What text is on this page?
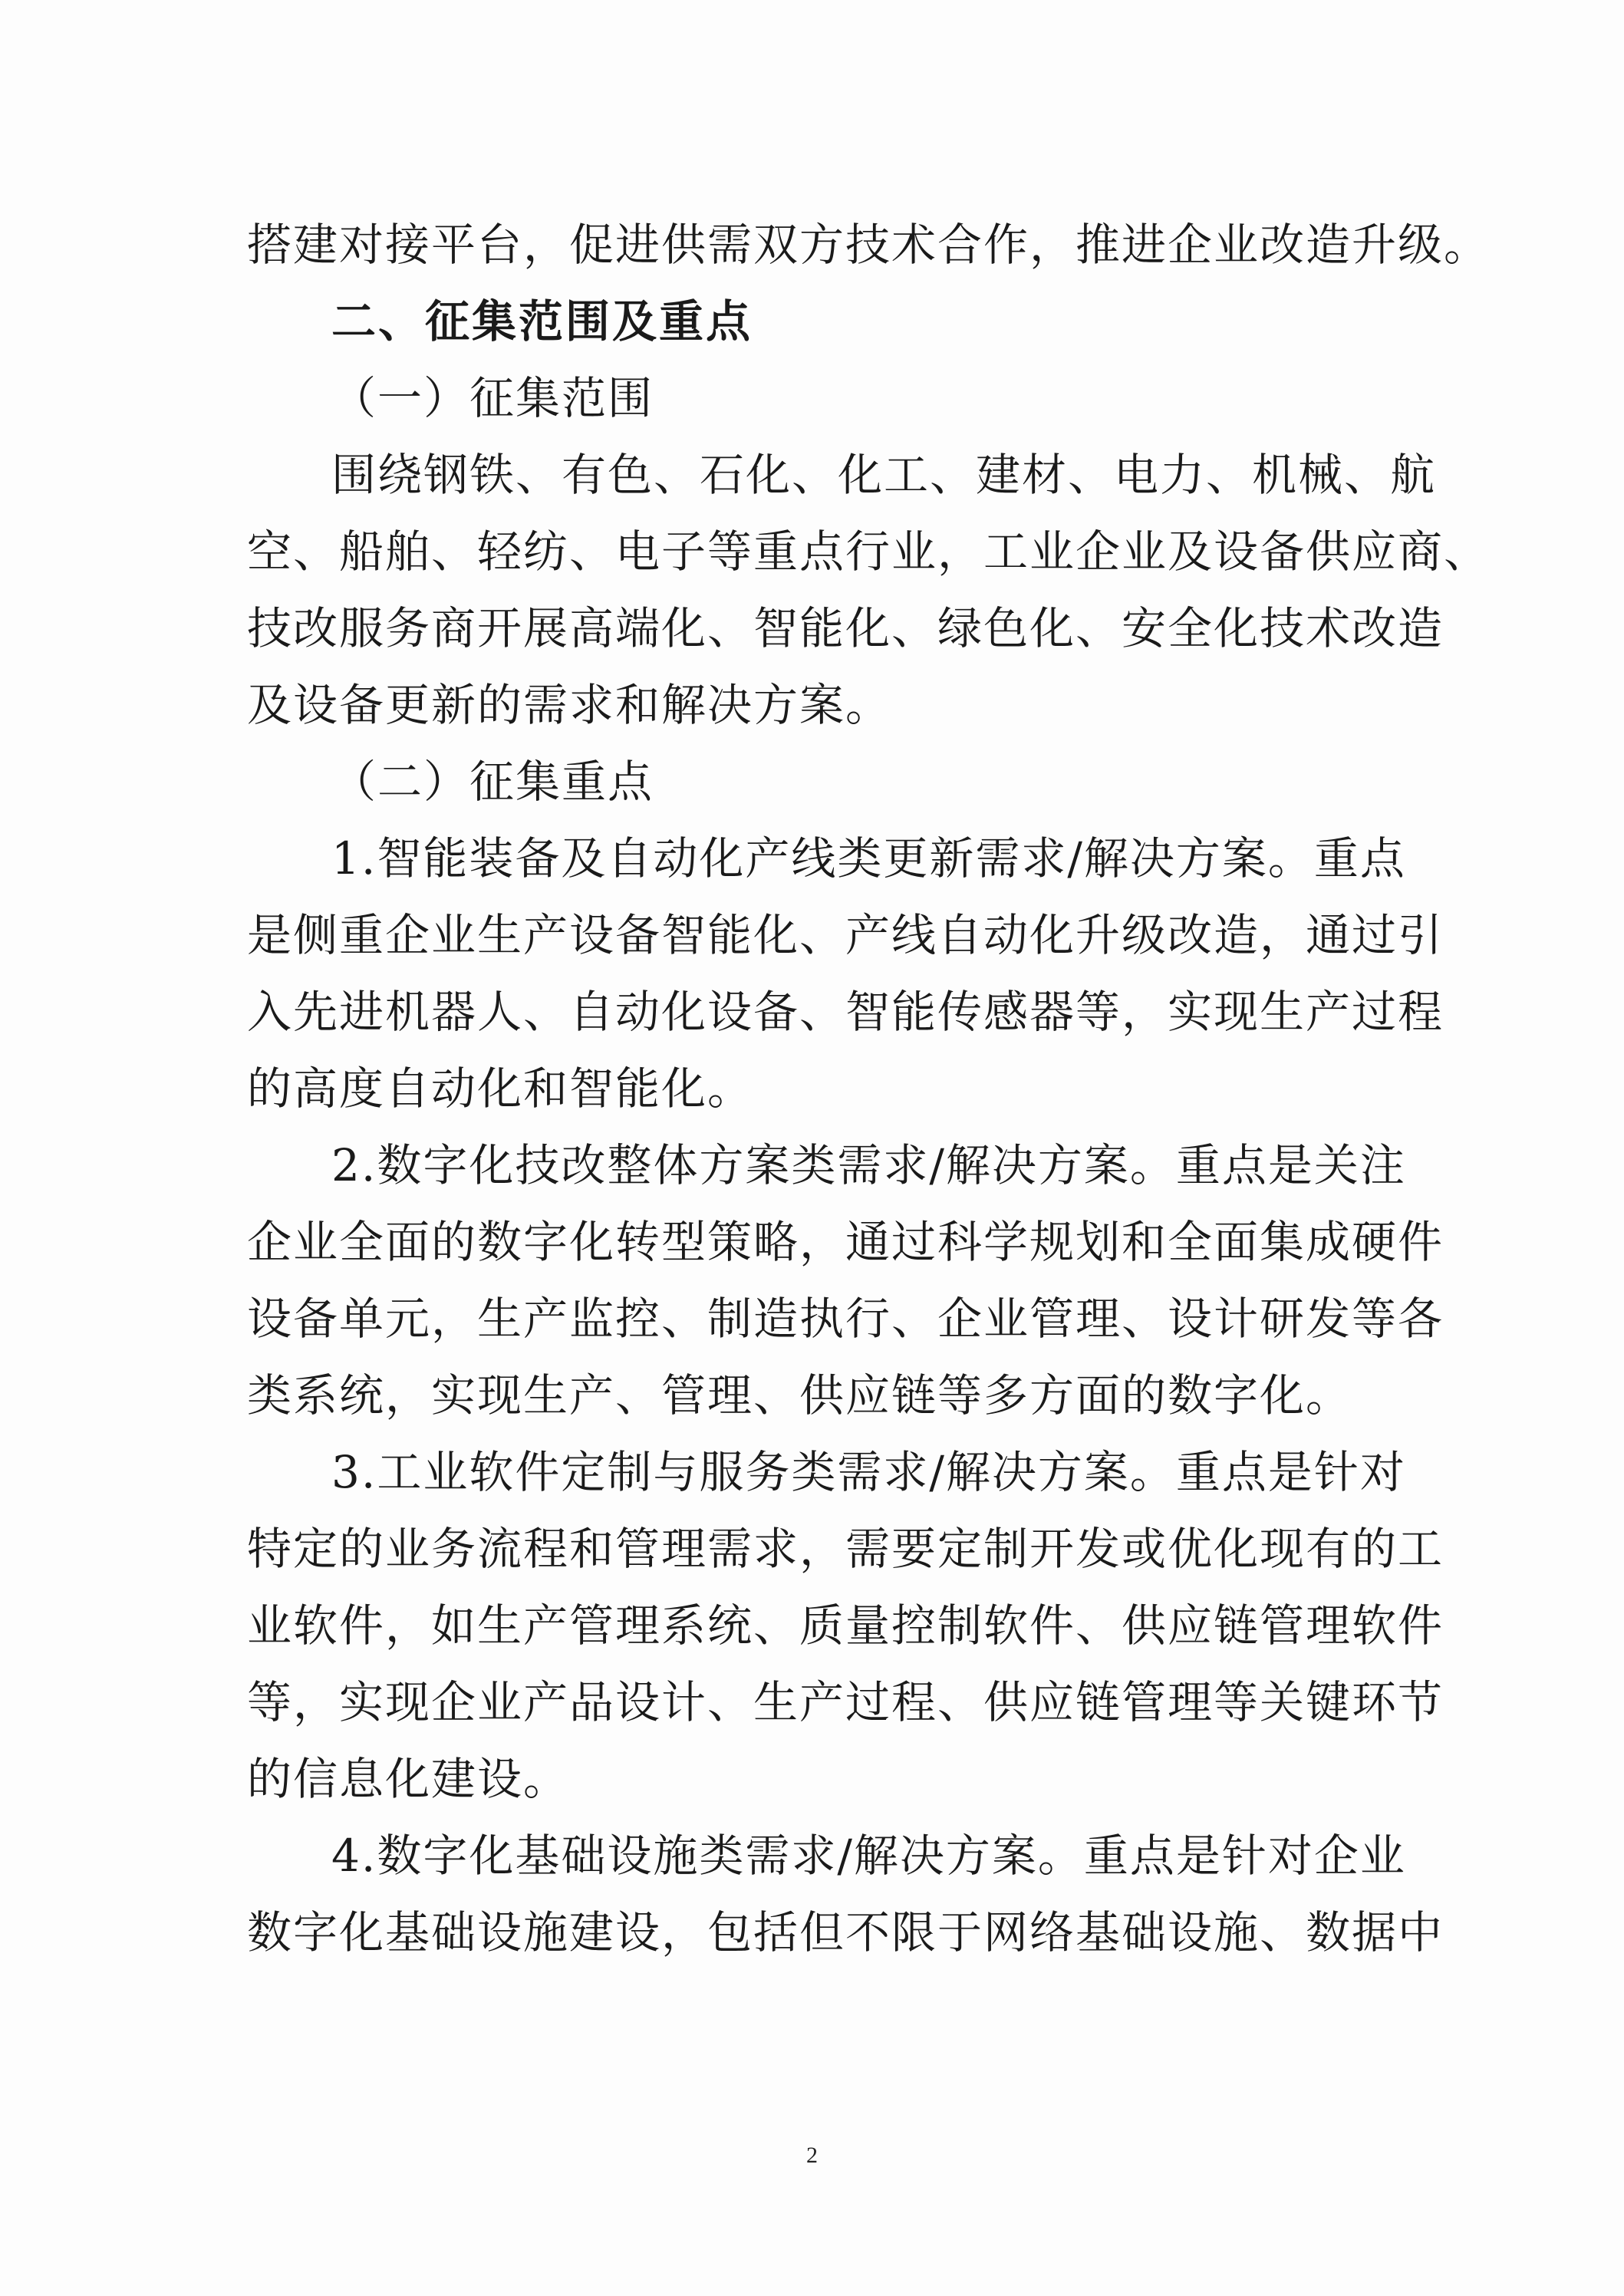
搭建对接平台，促进供需双方技术合作，推进企业改造升级。

二、征集范围及重点

（一）征集范围

围绕钢铁、有色、石化、化工、建材、电力、机械、航

空、船舶、轻纺、电子等重点行业，工业企业及设备供应商、

技改服务商开展高端化、智能化、绿色化、安全化技术改造

及设备更新的需求和解决方案。

（二）征集重点

1.智能装备及自动化产线类更新需求/解决方案。重点

是侧重企业生产设备智能化、产线自动化升级改造，通过引

入先进机器人、自动化设备、智能传感器等，实现生产过程

的高度自动化和智能化。

2.数字化技改整体方案类需求/解决方案。重点是关注

企业全面的数字化转型策略，通过科学规划和全面集成硬件

设备单元，生产监控、制造执行、企业管理、设计研发等各

类系统，实现生产、管理、供应链等多方面的数字化。

3.工业软件定制与服务类需求/解决方案。重点是针对

特定的业务流程和管理需求，需要定制开发或优化现有的工

业软件，如生产管理系统、质量控制软件、供应链管理软件

等，实现企业产品设计、生产过程、供应链管理等关键环节

的信息化建设。

4.数字化基础设施类需求/解决方案。重点是针对企业

数字化基础设施建设，包括但不限于网络基础设施、数据中

2
